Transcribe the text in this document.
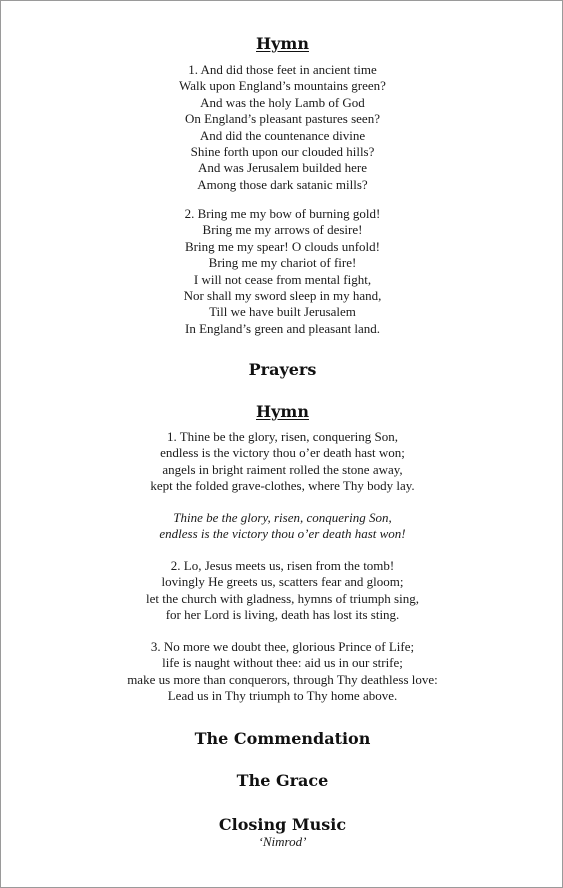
Hymn
1. And did those feet in ancient time
Walk upon England’s mountains green?
And was the holy Lamb of God
On England’s pleasant pastures seen?
And did the countenance divine
Shine forth upon our clouded hills?
And was Jerusalem builded here
Among those dark satanic mills?
2. Bring me my bow of burning gold!
Bring me my arrows of desire!
Bring me my spear! O clouds unfold!
Bring me my chariot of fire!
I will not cease from mental fight,
Nor shall my sword sleep in my hand,
Till we have built Jerusalem
In England’s green and pleasant land.
Prayers
Hymn
1. Thine be the glory, risen, conquering Son,
endless is the victory thou o’er death hast won;
angels in bright raiment rolled the stone away,
kept the folded grave-clothes, where Thy body lay.
Thine be the glory, risen, conquering Son,
endless is the victory thou o’er death hast won!
2. Lo, Jesus meets us, risen from the tomb!
lovingly He greets us, scatters fear and gloom;
let the church with gladness, hymns of triumph sing,
for her Lord is living, death has lost its sting.
3. No more we doubt thee, glorious Prince of Life;
life is naught without thee: aid us in our strife;
make us more than conquerors, through Thy deathless love:
Lead us in Thy triumph to Thy home above.
The Commendation
The Grace
Closing Music
‘Nimrod’
